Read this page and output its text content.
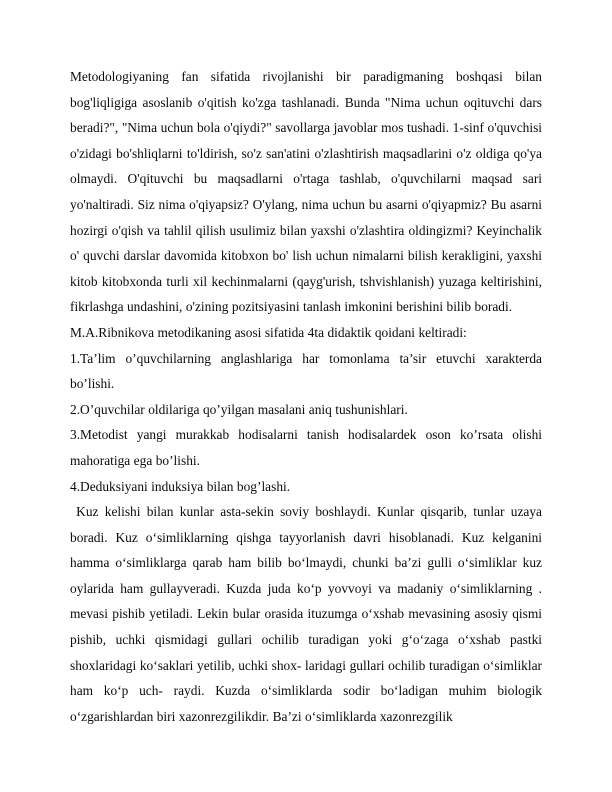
Metodologiyaning fan sifatida rivojlanishi bir paradigmaning boshqasi bilan bog'liqligiga asoslanib o'qitish ko'zga tashlanadi. Bunda "Nima uchun oqituvchi dars beradi?", "Nima uchun bola o'qiydi?" savollarga javoblar mos tushadi. 1-sinf o'quvchisi o'zidagi bo'shliqlarni to'ldirish, so'z san'atini o'zlashtirish maqsadlarini o'z oldiga qo'ya olmaydi. O'qituvchi bu maqsadlarni o'rtaga tashlab, o'quvchilarni maqsad sari yo'naltiradi. Siz nima o'qiyapsiz? O'ylang, nima uchun bu asarni o'qiyapmiz? Bu asarni hozirgi o'qish va tahlil qilish usulimiz bilan yaxshi o'zlashtira oldingizmi? Keyinchalik o' quvchi darslar davomida kitobxon bo' lish uchun nimalarni bilish kerakligini, yaxshi kitob kitobxonda turli xil kechinmalarni (qayg'urish, tshvishlanish) yuzaga keltirishini, fikrlashga undashini, o'zining pozitsiyasini tanlash imkonini berishini bilib boradi.

M.A.Ribnikova metodikaning asosi sifatida 4ta didaktik qoidani keltiradi:

1.Ta’lim o’quvchilarning anglashlariga har tomonlama ta’sir etuvchi xarakterda bo’lishi.

2.O’quvchilar oldilariga qo’yilgan masalani aniq tushunishlari.

3.Metodist yangi murakkab hodisalarni tanish hodisalardek oson ko’rsata olishi mahoratiga ega bo’lishi.

4.Deduksiyani induksiya bilan bog’lashi.

Kuz kelishi bilan kunlar asta-sekin soviy boshlaydi. Kunlar qisqarib, tunlar uzaya boradi. Kuz o‘simliklarning qishga tayyorlanish davri hisoblanadi. Kuz kelganini hamma o‘simliklarga qarab ham bilib bo‘lmaydi, chunki ba’zi gulli o‘simliklar kuz oylarida ham gullayveradi. Kuzda juda ko‘p yovvoyi va madaniy o‘simliklarning . mevasi pishib yetiladi. Lekin bular orasida ituzumga o‘xshab mevasining asosiy qismi pishib, uchki qismidagi gullari ochilib turadigan yoki g‘o‘zaga o‘xshab pastki shoxlaridagi ko‘saklari yetilib, uchki shox- laridagi gullari ochilib turadigan o‘simliklar ham ko‘p uch- raydi. Kuzda o‘simliklarda sodir bo‘ladigan muhim biologik o‘zgarishlardan biri xazonrezgilikdir. Ba’zi o‘simliklarda xazonrezgilik
